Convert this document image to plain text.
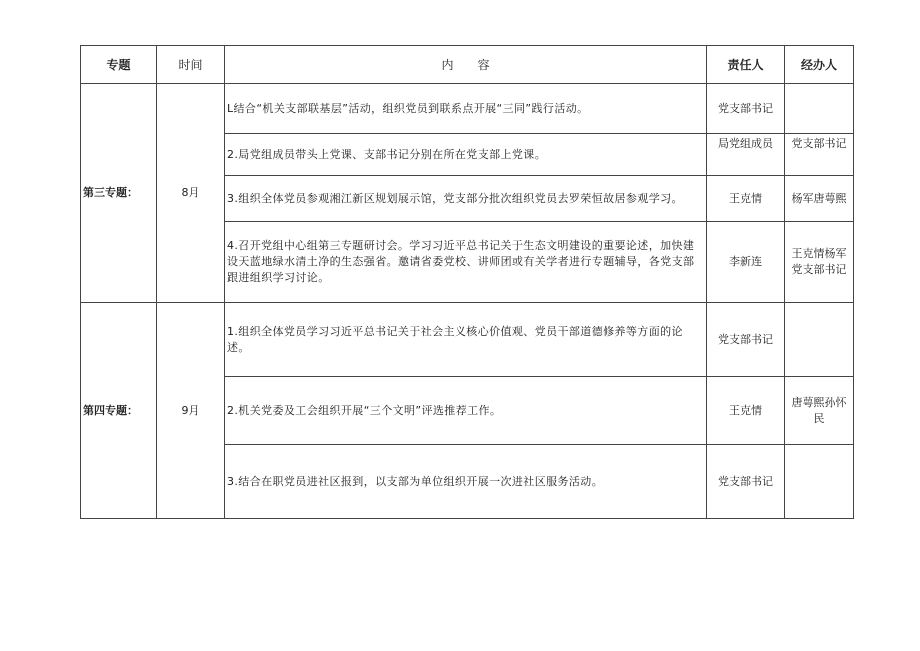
专题	时间	内　　容	责任人	经办人
第三专题：	8月	L结合“机关支部联基层”活动，组织党员到联系点开展“三同”践行活动。	党支部书记	
		2.局党组成员带头上党课、支部书记分别在所在党支部上党课。	局党组成员	党支部书记
		3.组织全体党员参观湘江新区规划展示馆，党支部分批次组织党员去罗荣恒故居参观学习。	王克情	杨军唐萼熙
		4.召开党组中心组第三专题研讨会。学习习近平总书记关于生态文明建设的重要论述，加快建设天蓝地绿水清土净的生态强省。邀请省委党校、讲师团或有关学者进行专题辅导，各党支部跟进组织学习讨论。	李新连	王克情杨军党支部书记
第四专题：	9月	1.组织全体党员学习习近平总书记关于社会主义核心价值观、党员干部道德修养等方面的论述。	党支部书记	
		2.机关党委及工会组织开展“三个文明”评选推荐工作。	王克情	唐萼熙孙怀民
		3.结合在职党员进社区报到，以支部为单位组织开展一次进社区服务活动。	党支部书记	
